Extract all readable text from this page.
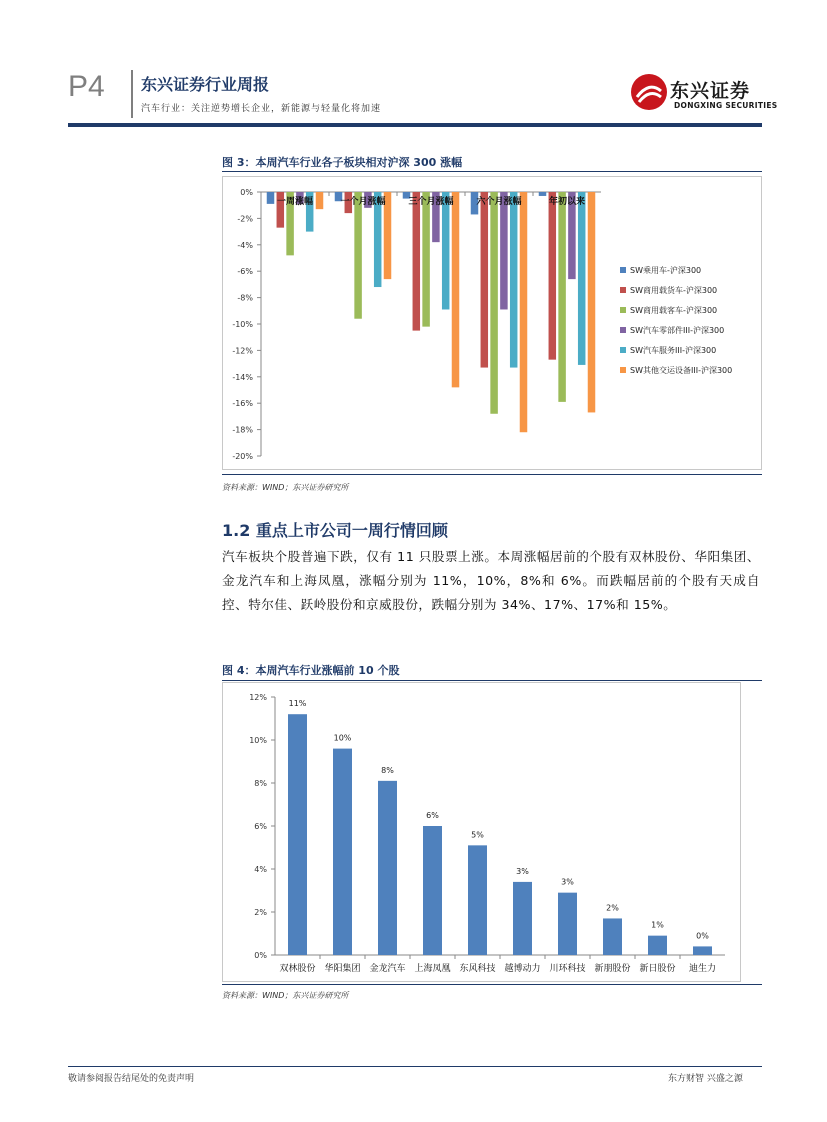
P4 东兴证券行业周报
汽车行业：关注逆势增长企业，新能源与轻量化将加速
东兴证券
DONGXING SECURITIES
图 3：本周汽车行业各子板块相对沪深 300 涨幅
0%
-2%
-4%
-6%
-8%
-10%
-12%
-14%
-16%
-18%
-20%
一周涨幅	一个月涨幅	三个月涨幅	六个月涨幅	年初以来
SW乘用车-沪深300
SW商用载货车-沪深300
SW商用载客车-沪深300
SW汽车零部件III-沪深300
SW汽车服务III-沪深300
SW其他交运设备III-沪深300
资料来源：WIND；东兴证券研究所
1.2 重点上市公司一周行情回顾
汽车板块个股普遍下跌，仅有 11 只股票上涨。本周涨幅居前的个股有双林股份、华阳集团、金龙汽车和上海凤凰，涨幅分别为 11%，10%，8%和 6%。而跌幅居前的个股有天成自控、特尔佳、跃岭股份和京威股份，跌幅分别为 34%、17%、17%和 15%。
图 4：本周汽车行业涨幅前 10 个股
0%
2%
4%
6%
8%
10%
12%
11%
双林股份
10%
华阳集团
8%
金龙汽车
6%
上海凤凰
5%
东风科技
3%
越博动力
3%
川环科技
2%
新朋股份
1%
新日股份
0%
迪生力
资料来源：WIND；东兴证券研究所
敬请参阅报告结尾处的免责声明	东方财智 兴盛之源
